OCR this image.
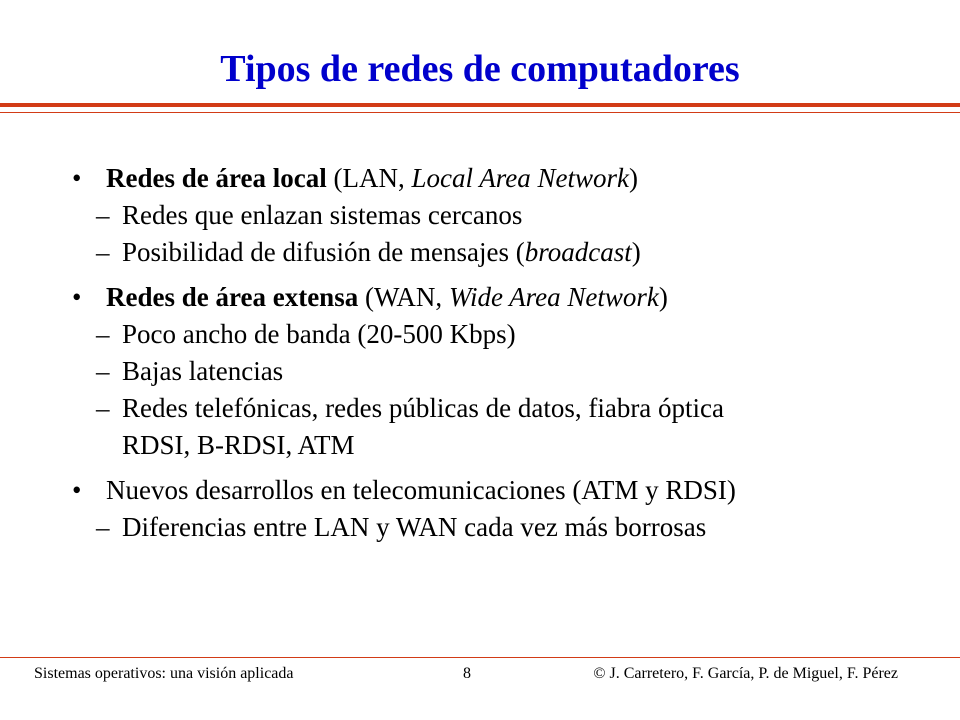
Tipos de redes de computadores
• Redes de área local (LAN, Local Area Network)
– Redes que enlazan sistemas cercanos
– Posibilidad de difusión de mensajes (broadcast)
• Redes de área extensa (WAN, Wide Area Network)
– Poco ancho de banda (20-500 Kbps)
– Bajas latencias
– Redes telefónicas, redes públicas de datos, fiabra óptica
RDSI, B-RDSI, ATM
• Nuevos desarrollos en telecomunicaciones (ATM y RDSI)
– Diferencias entre LAN y WAN cada vez más borrosas
Sistemas operativos: una visión aplicada	8	© J. Carretero, F. García, P. de Miguel, F. Pérez
